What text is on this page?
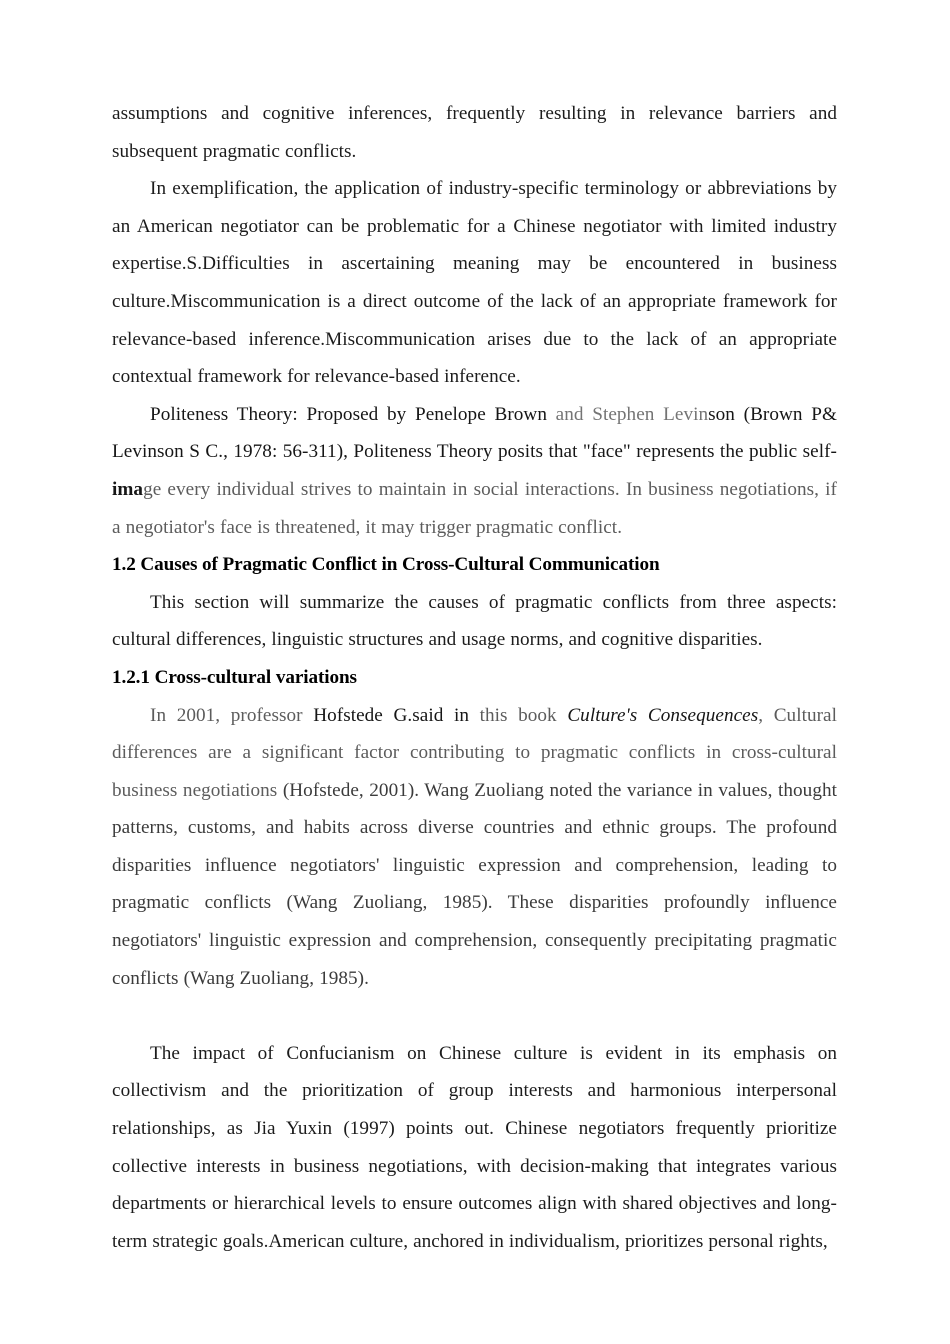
assumptions and cognitive inferences, frequently resulting in relevance barriers and subsequent pragmatic conflicts.

In exemplification, the application of industry-specific terminology or abbreviations by an American negotiator can be problematic for a Chinese negotiator with limited industry expertise.S.Difficulties in ascertaining meaning may be encountered in business culture.Miscommunication is a direct outcome of the lack of an appropriate framework for relevance-based inference.Miscommunication arises due to the lack of an appropriate contextual framework for relevance-based inference.

Politeness Theory: Proposed by Penelope Brown and Stephen Levinson (Brown P& Levinson S C., 1978: 56-311), Politeness Theory posits that "face" represents the public self-image every individual strives to maintain in social interactions. In business negotiations, if a negotiator's face is threatened, it may trigger pragmatic conflict.

1.2 Causes of Pragmatic Conflict in Cross-Cultural Communication

This section will summarize the causes of pragmatic conflicts from three aspects: cultural differences, linguistic structures and usage norms, and cognitive disparities.

1.2.1 Cross-cultural variations

In 2001, professor Hofstede G.said in this book Culture's Consequences, Cultural differences are a significant factor contributing to pragmatic conflicts in cross-cultural business negotiations (Hofstede, 2001). Wang Zuoliang noted the variance in values, thought patterns, customs, and habits across diverse countries and ethnic groups. The profound disparities influence negotiators' linguistic expression and comprehension, leading to pragmatic conflicts (Wang Zuoliang, 1985). These disparities profoundly influence negotiators' linguistic expression and comprehension, consequently precipitating pragmatic conflicts (Wang Zuoliang, 1985).

The impact of Confucianism on Chinese culture is evident in its emphasis on collectivism and the prioritization of group interests and harmonious interpersonal relationships, as Jia Yuxin (1997) points out. Chinese negotiators frequently prioritize collective interests in business negotiations, with decision-making that integrates various departments or hierarchical levels to ensure outcomes align with shared objectives and long-term strategic goals.American culture, anchored in individualism, prioritizes personal rights,
